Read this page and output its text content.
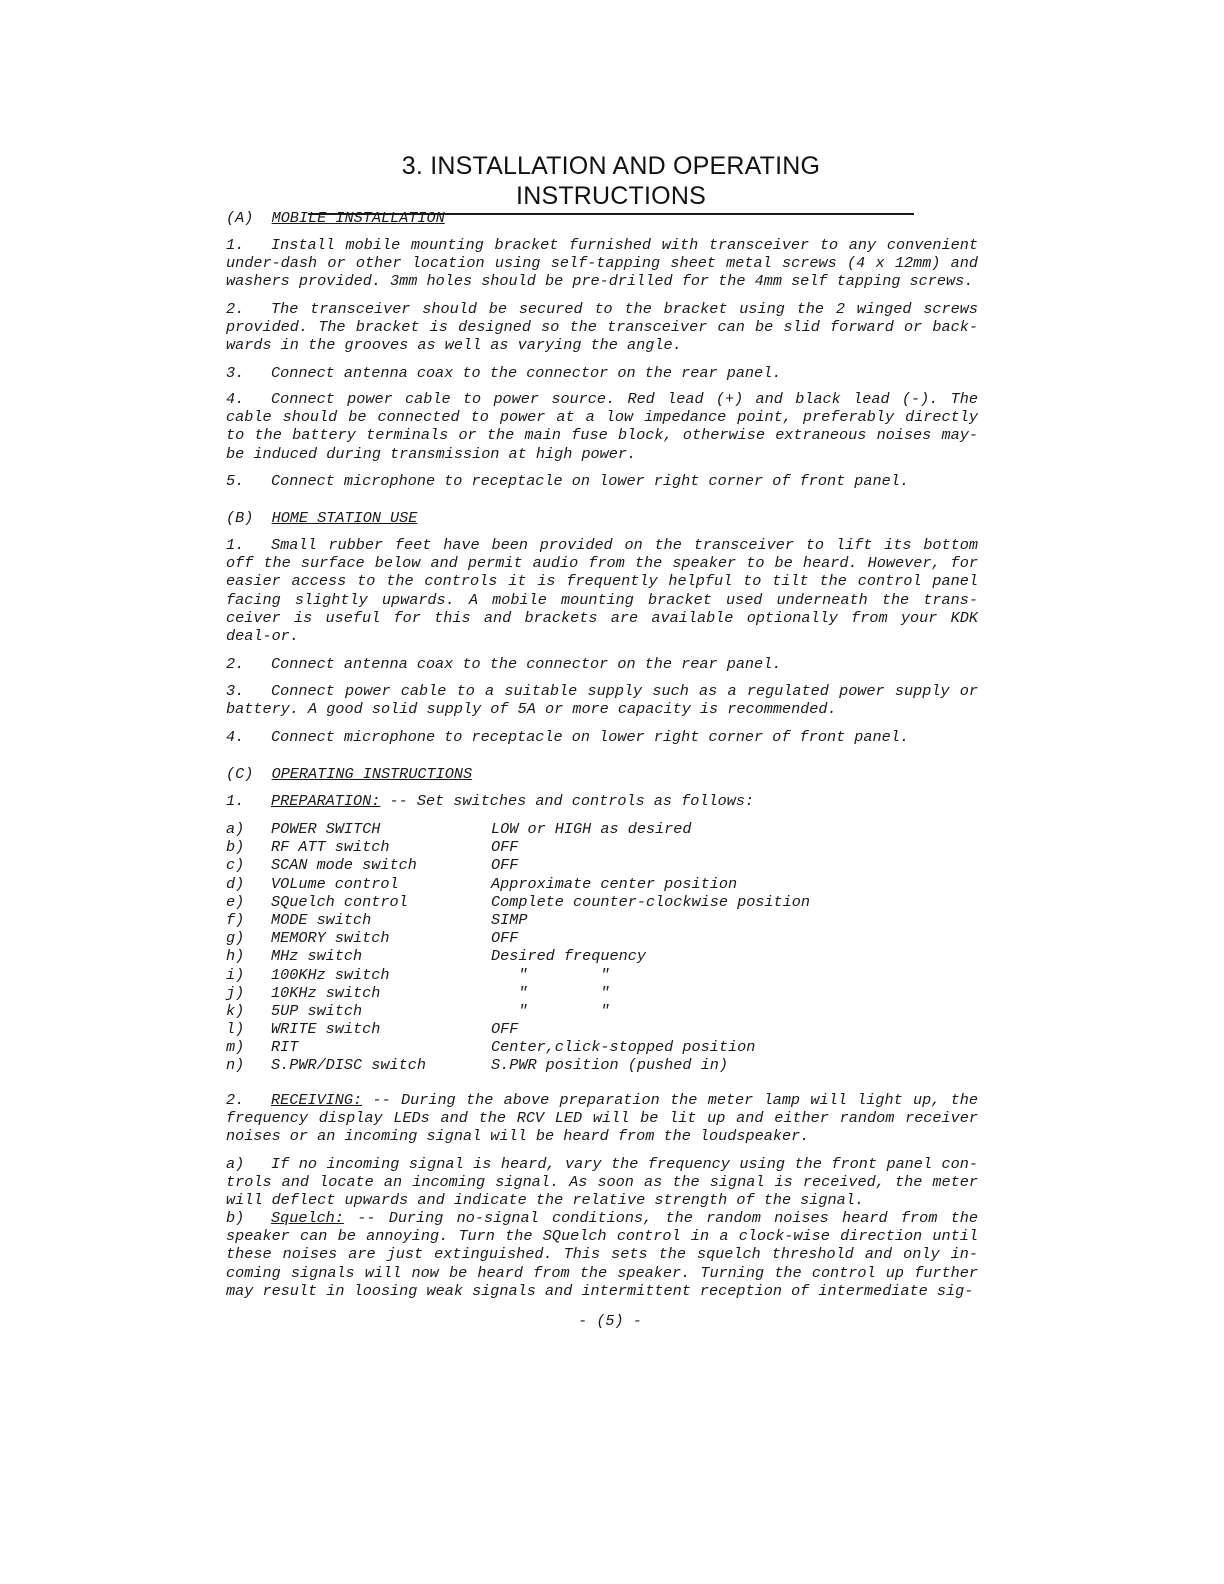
3. INSTALLATION AND OPERATING INSTRUCTIONS
(A) MOBILE INSTALLATION
1. Install mobile mounting bracket furnished with transceiver to any convenient under-dash or other location using self-tapping sheet metal screws (4 x 12mm) and washers provided. 3mm holes should be pre-drilled for the 4mm self tapping screws.
2. The transceiver should be secured to the bracket using the 2 winged screws provided. The bracket is designed so the transceiver can be slid forward or back-wards in the grooves as well as varying the angle.
3. Connect antenna coax to the connector on the rear panel.
4. Connect power cable to power source. Red lead (+) and black lead (-). The cable should be connected to power at a low impedance point, preferably directly to the battery terminals or the main fuse block, otherwise extraneous noises may-be induced during transmission at high power.
5. Connect microphone to receptacle on lower right corner of front panel.
(B) HOME STATION USE
1. Small rubber feet have been provided on the transceiver to lift its bottom off the surface below and permit audio from the speaker to be heard. However, for easier access to the controls it is frequently helpful to tilt the control panel facing slightly upwards. A mobile mounting bracket used underneath the trans-ceiver is useful for this and brackets are available optionally from your KDK deal-or.
2. Connect antenna coax to the connector on the rear panel.
3. Connect power cable to a suitable supply such as a regulated power supply or battery. A good solid supply of 5A or more capacity is recommended.
4. Connect microphone to receptacle on lower right corner of front panel.
(C) OPERATING INSTRUCTIONS
1. PREPARATION: -- Set switches and controls as follows:
a) POWER SWITCH	LOW or HIGH as desired
b) RF ATT switch	OFF
c) SCAN mode switch	OFF
d) VOLume control	Approximate center position
e) SQuelch control	Complete counter-clockwise position
f) MODE switch	SIMP
g) MEMORY switch	OFF
h) MHz switch	Desired frequency
i) 100KHz switch	"        "
j) 10KHz switch	"        "
k) 5UP switch	"        "
l) WRITE switch	OFF
m) RIT	Center,click-stopped position
n) S.PWR/DISC switch	S.PWR position (pushed in)
2. RECEIVING: -- During the above preparation the meter lamp will light up, the frequency display LEDs and the RCV LED will be lit up and either random receiver noises or an incoming signal will be heard from the loudspeaker.
a) If no incoming signal is heard, vary the frequency using the front panel con-trols and locate an incoming signal. As soon as the signal is received, the meter will deflect upwards and indicate the relative strength of the signal.
b) Squelch: -- During no-signal conditions, the random noises heard from the speaker can be annoying. Turn the SQuelch control in a clock-wise direction until these noises are just extinguished. This sets the squelch threshold and only in-coming signals will now be heard from the speaker. Turning the control up further may result in loosing weak signals and intermittent reception of intermediate sig-
- (5) -
